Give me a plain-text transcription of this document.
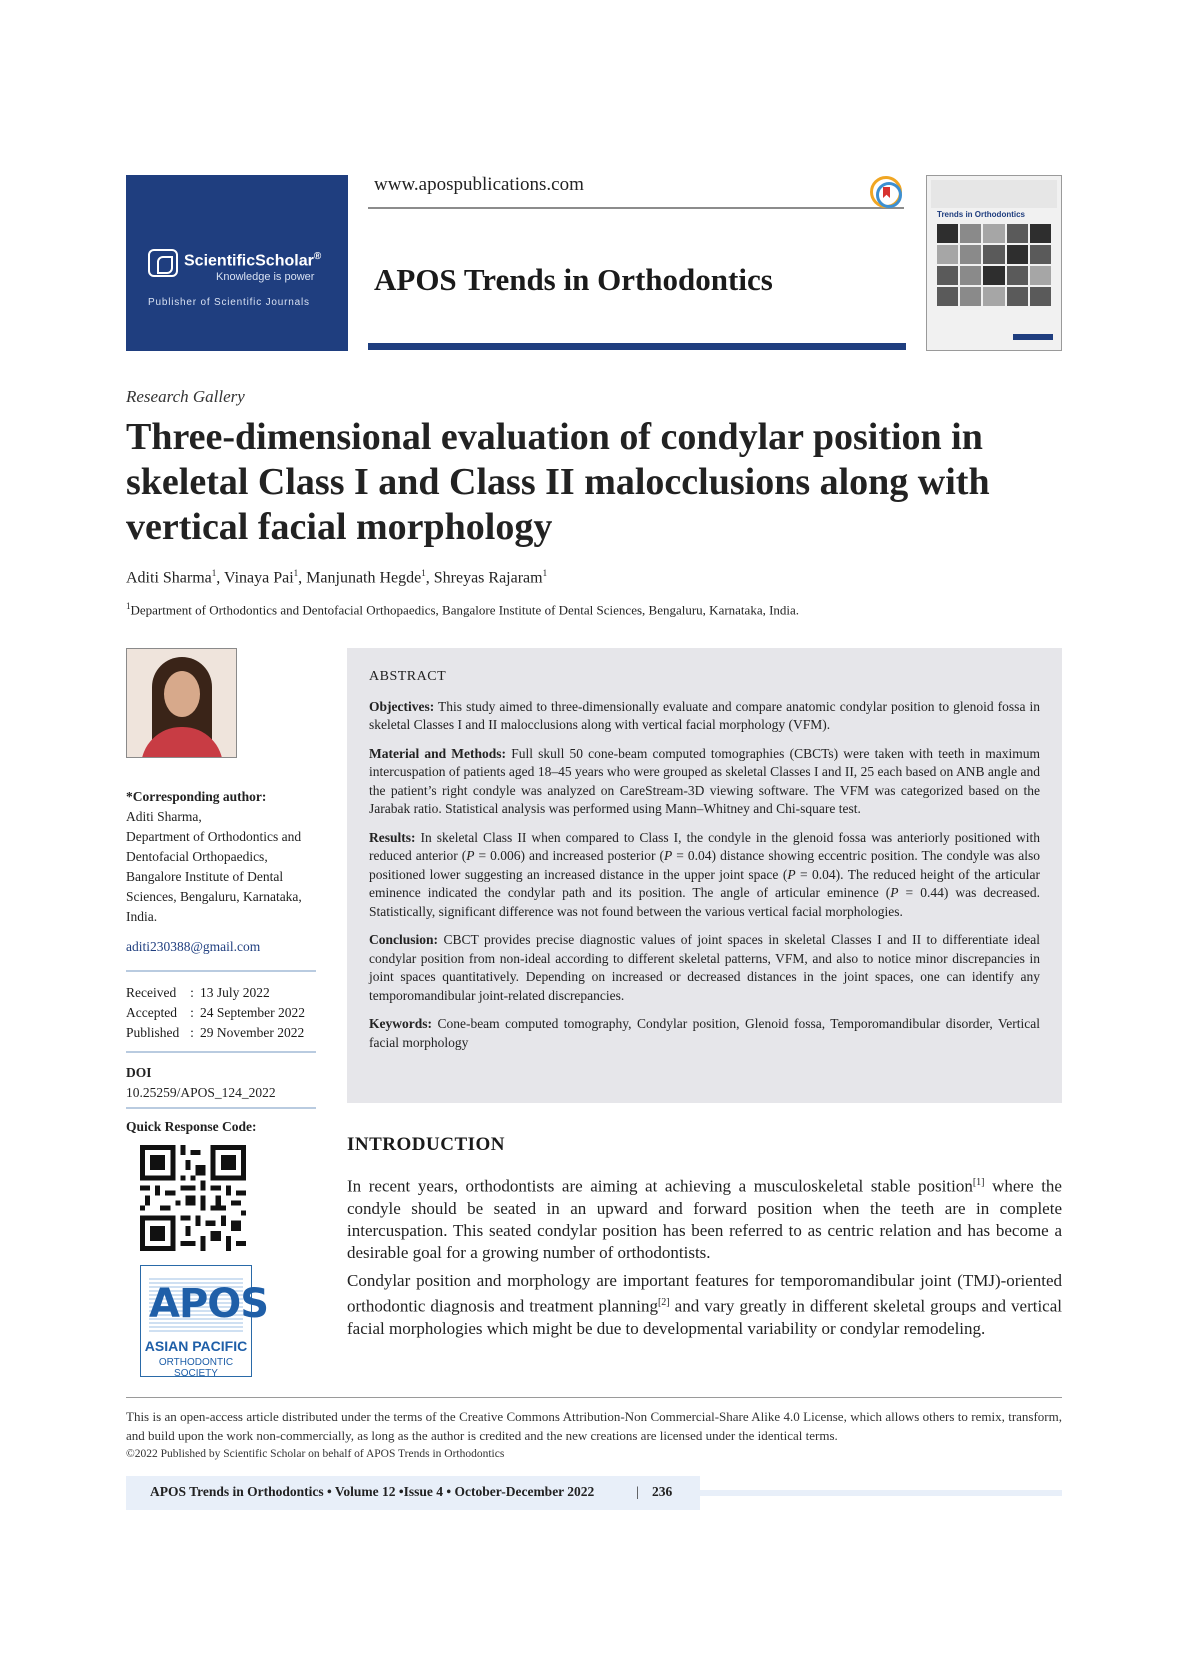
ScientificScholar®
Knowledge is power
Publisher of Scientific Journals
www.apospublications.com
APOS Trends in Orthodontics
Trends in Orthodontics
Research Gallery
Three-dimensional evaluation of condylar position in skeletal Class I and Class II malocclusions along with vertical facial morphology
Aditi Sharma$^1$, Vinaya Pai$^1$, Manjunath Hegde$^1$, Shreyas Rajaram$^1$
$^1$Department of Orthodontics and Dentofacial Orthopaedics, Bangalore Institute of Dental Sciences, Bengaluru, Karnataka, India.
*Corresponding author:
Aditi Sharma,
Department of Orthodontics and Dentofacial Orthopaedics, Bangalore Institute of Dental Sciences, Bengaluru, Karnataka, India.
aditi230388@gmail.com
Received	: 13 July 2022
Accepted : 24 September 2022
Published : 29 November 2022
DOI
10.25259/APOS_124_2022
Quick Response Code:
APOS
ASIAN PACIFIC
ORTHODONTIC SOCIETY
ABSTRACT

Objectives: This study aimed to three-dimensionally evaluate and compare anatomic condylar position to glenoid fossa in skeletal Classes I and II malocclusions along with vertical facial morphology (VFM).

Material and Methods: Full skull 50 cone-beam computed tomographies (CBCTs) were taken with teeth in maximum intercuspation of patients aged 18–45 years who were grouped as skeletal Classes I and II, 25 each based on ANB angle and the patient’s right condyle was analyzed on CareStream-3D viewing software. The VFM was categorized based on the Jarabak ratio. Statistical analysis was performed using Mann–Whitney and Chi-square test.

Results: In skeletal Class II when compared to Class I, the condyle in the glenoid fossa was anteriorly positioned with reduced anterior (P = 0.006) and increased posterior (P = 0.04) distance showing eccentric position. The condyle was also positioned lower suggesting an increased distance in the upper joint space (P = 0.04). The reduced height of the articular eminence indicated the condylar path and its position. The angle of articular eminence (P = 0.44) was decreased. Statistically, significant difference was not found between the various vertical facial morphologies.

Conclusion: CBCT provides precise diagnostic values of joint spaces in skeletal Classes I and II to differentiate ideal condylar position from non-ideal according to different skeletal patterns, VFM, and also to notice minor discrepancies in joint spaces quantitatively. Depending on increased or decreased distances in the joint spaces, one can identify any temporomandibular joint-related discrepancies.

Keywords: Cone-beam computed tomography, Condylar position, Glenoid fossa, Temporomandibular disorder, Vertical facial morphology

INTRODUCTION

In recent years, orthodontists are aiming at achieving a musculoskeletal stable position[1] where the condyle should be seated in an upward and forward position when the teeth are in complete intercuspation. This seated condylar position has been referred to as centric relation and has become a desirable goal for a growing number of orthodontists.

Condylar position and morphology are important features for temporomandibular joint (TMJ)-oriented orthodontic diagnosis and treatment planning[2] and vary greatly in different skeletal groups and vertical facial morphologies which might be due to developmental variability or condylar remodeling.

This is an open-access article distributed under the terms of the Creative Commons Attribution-Non Commercial-Share Alike 4.0 License, which allows others to remix, transform, and build upon the work non-commercially, as long as the author is credited and the new creations are licensed under the identical terms.

©2022 Published by Scientific Scholar on behalf of APOS Trends in Orthodontics

APOS Trends in Orthodontics • Volume 12 •Issue 4 • October-December 2022	| 236
